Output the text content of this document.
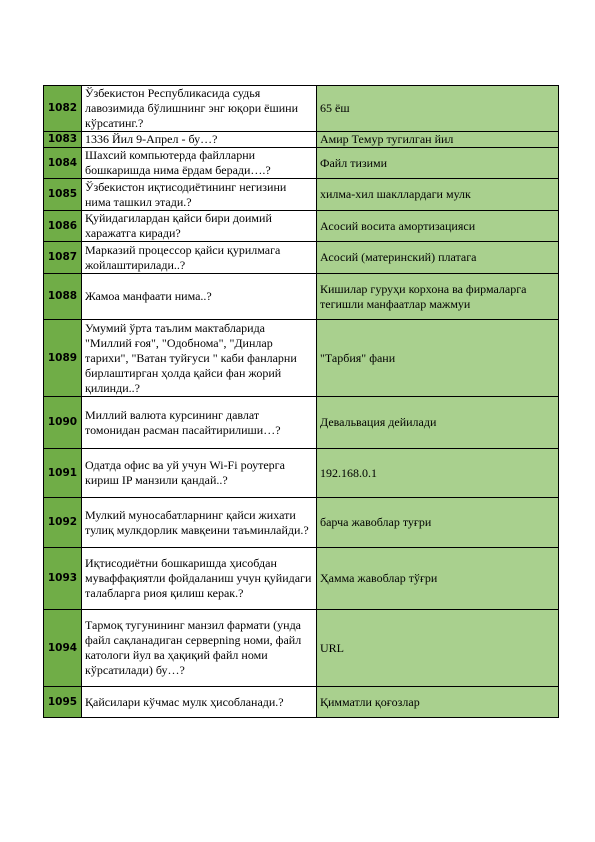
1082	Ўзбекистон Республикасида судья лавозимида бўлишнинг энг юқори ёшини кўрсатинг.?	65 ёш
1083	1336 Йил 9-Апрел - бу…?	Амир Темур тугилган йил
1084	Шахсий компьютерда файлларни бошкаришда нима ёрдам беради….?	Файл тизими
1085	Ўзбекистон иқтисодиётининг негизини нима ташкил этади.?	хилма-хил шакллардаги мулк
1086	Қуйидагилардан қайси бири доимий харажатга киради?	Асосий восита амортизацияси
1087	Марказий процессор қайси қурилмага жойлаштирилади..?	Асосий (материнский) платага
1088	Жамоа манфаати нима..?	Кишилар гуруҳи корхона ва фирмаларга тегишли манфаатлар мажмуи
1089	Умумий ўрта таълим мактабларида "Миллий ғоя", "Одобнома", "Динлар тарихи", "Ватан туйғуси " каби фанларни бирлаштирган ҳолда қайси фан жорий қилинди..?	"Тарбия" фани
1090	Миллий валюта курсининг давлат томонидан расман пасайтирилиши…?	Девальвация дейилади
1091	Одатда офис ва уй учун Wi-Fi роутерга кириш IP манзили қандай..?	192.168.0.1
1092	Мулкий муносабатларнинг қайси жихати тулиқ мулкдорлик мавқеини таъминлайди.?	барча жавоблар туғри
1093	Иқтисодиётни бошкаришда ҳисобдан муваффақиятли фойдаланиш учун қуйидаги талабларга риоя қилиш керак.?	Ҳамма жавоблар тўғри
1094	Тармоқ тугунининг манзил фармати (унда файл сақланадиган серверning номи, файл катологи йул ва ҳақиқий файл номи кўрсатилади) бу…?	URL
1095	Қайсилари кўчмас мулк ҳисобланади.?	Қимматли қоғозлар
